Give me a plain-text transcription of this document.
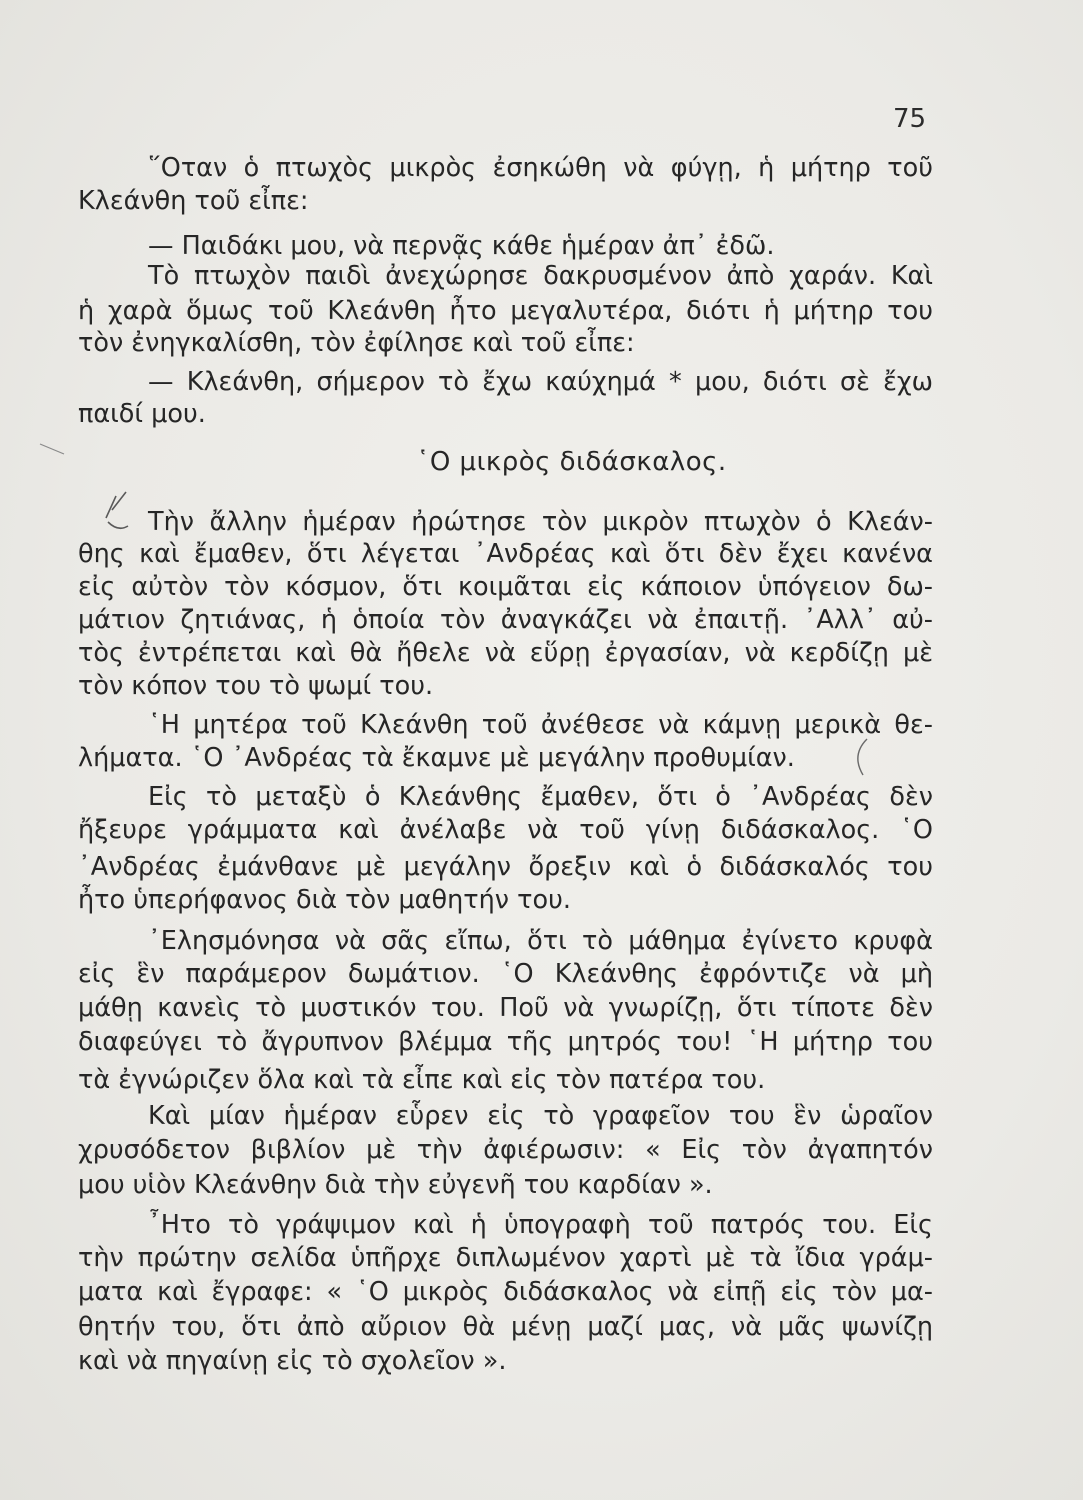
75
῞Οταν ὁ πτωχὸς μικρὸς ἐσηκώθη νὰ φύγῃ, ἡ μήτηρ τοῦ
Κλεάνθη τοῦ εἶπε:
— Παιδάκι μου, νὰ περνᾷς κάθε ἡμέραν ἀπ᾽ ἐδῶ.
Τὸ πτωχὸν παιδὶ ἀνεχώρησε δακρυσμένον ἀπὸ χαράν. Καὶ
ἡ χαρὰ ὅμως τοῦ Κλεάνθη ἦτο μεγαλυτέρα, διότι ἡ μήτηρ του
τὸν ἐνηγκαλίσθη, τὸν ἐφίλησε καὶ τοῦ εἶπε:
— Κλεάνθη, σήμερον τὸ ἔχω καύχημά * μου, διότι σὲ ἔχω
παιδί μου.
῾Ο μικρὸς διδάσκαλος.
Τὴν ἄλλην ἡμέραν ἠρώτησε τὸν μικρὸν πτωχὸν ὁ Κλεάν-
θης καὶ ἔμαθεν, ὅτι λέγεται ᾿Ανδρέας καὶ ὅτι δὲν ἔχει κανένα
εἰς αὐτὸν τὸν κόσμον, ὅτι κοιμᾶται εἰς κάποιον ὑπόγειον δω-
μάτιον ζητιάνας, ἡ ὁποία τὸν ἀναγκάζει νὰ ἐπαιτῇ. ᾿Αλλ᾽ αὐ-
τὸς ἐντρέπεται καὶ θὰ ἤθελε νὰ εὕρῃ ἐργασίαν, νὰ κερδίζῃ μὲ
τὸν κόπον του τὸ ψωμί του.
῾Η μητέρα τοῦ Κλεάνθη τοῦ ἀνέθεσε νὰ κάμνῃ μερικὰ θε-
λήματα. ῾Ο ᾿Ανδρέας τὰ ἔκαμνε μὲ μεγάλην προθυμίαν.
Εἰς τὸ μεταξὺ ὁ Κλεάνθης ἔμαθεν, ὅτι ὁ ᾿Ανδρέας δὲν
ἤξευρε γράμματα καὶ ἀνέλαβε νὰ τοῦ γίνῃ διδάσκαλος. ῾Ο
᾿Ανδρέας ἐμάνθανε μὲ μεγάλην ὄρεξιν καὶ ὁ διδάσκαλός του
ἦτο ὑπερήφανος διὰ τὸν μαθητήν του.
᾿Ελησμόνησα νὰ σᾶς εἴπω, ὅτι τὸ μάθημα ἐγίνετο κρυφὰ
εἰς ἓν παράμερον δωμάτιον. ῾Ο Κλεάνθης ἐφρόντιζε νὰ μὴ
μάθῃ κανεὶς τὸ μυστικόν του. Ποῦ νὰ γνωρίζῃ, ὅτι τίποτε δὲν
διαφεύγει τὸ ἄγρυπνον βλέμμα τῆς μητρός του! ῾Η μήτηρ του
τὰ ἐγνώριζεν ὅλα καὶ τὰ εἶπε καὶ εἰς τὸν πατέρα του.
Καὶ μίαν ἡμέραν εὗρεν εἰς τὸ γραφεῖον του ἓν ὡραῖον
χρυσόδετον βιβλίον μὲ τὴν ἀφιέρωσιν: « Εἰς τὸν ἀγαπητόν
μου υἱὸν Κλεάνθην διὰ τὴν εὐγενῆ του καρδίαν ».
῏Ητο τὸ γράψιμον καὶ ἡ ὑπογραφὴ τοῦ πατρός του. Εἰς
τὴν πρώτην σελίδα ὑπῆρχε διπλωμένον χαρτὶ μὲ τὰ ἴδια γράμ-
ματα καὶ ἔγραφε: « ῾Ο μικρὸς διδάσκαλος νὰ εἰπῇ εἰς τὸν μα-
θητήν του, ὅτι ἀπὸ αὔριον θὰ μένῃ μαζί μας, νὰ μᾶς ψωνίζῃ
καὶ νὰ πηγαίνῃ εἰς τὸ σχολεῖον ».
